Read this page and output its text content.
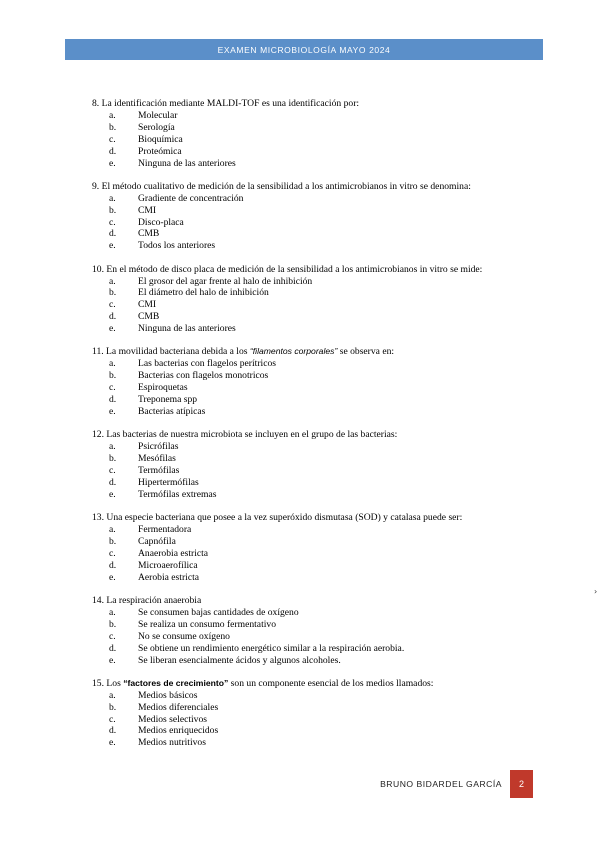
EXAMEN MICROBIOLOGÍA MAYO 2024
8. La identificación mediante MALDI-TOF es una identificación por:
a.	Molecular
b.	Serología
c.	Bioquímica
d.	Proteómica
e.	Ninguna de las anteriores
9. El método cualitativo de medición de la sensibilidad a los antimicrobianos in vitro se denomina:
a.	Gradiente de concentración
b.	CMI
c.	Disco-placa
d.	CMB
e.	Todos los anteriores
10. En el método de disco placa de medición de la sensibilidad a los antimicrobianos in vitro se mide:
a.	El grosor del agar frente al halo de inhibición
b.	El diámetro del halo de inhibición
c.	CMI
d.	CMB
e.	Ninguna de las anteriores
11. La movilidad bacteriana debida a los “filamentos corporales” se observa en:
a.	Las bacterias con flagelos perítricos
b.	Bacterias con flagelos monotricos
c.	Espiroquetas
d.	Treponema spp
e.	Bacterias atípicas
12. Las bacterias de nuestra microbiota se incluyen en el grupo de las bacterias:
a.	Psicrófilas
b.	Mesófilas
c.	Termófilas
d.	Hipertermófilas
e.	Termófilas extremas
13. Una especie bacteriana que posee a la vez superóxido dismutasa (SOD) y catalasa puede ser:
a.	Fermentadora
b.	Capnófila
c.	Anaerobia estricta
d.	Microaerofílica
e.	Aerobia estricta
14. La respiración anaerobia
a.	Se consumen bajas cantidades de oxígeno
b.	Se realiza un consumo fermentativo
c.	No se consume oxígeno
d.	Se obtiene un rendimiento energético similar a la respiración aerobia.
e.	Se liberan esencialmente ácidos y algunos alcoholes.
15. Los “factores de crecimiento” son un componente esencial de los medios llamados:
a.	Medios básicos
b.	Medios diferenciales
c.	Medios selectivos
d.	Medios enriquecidos
e.	Medios nutritivos
›
BRUNO BIDARDEL GARCÍA 2
